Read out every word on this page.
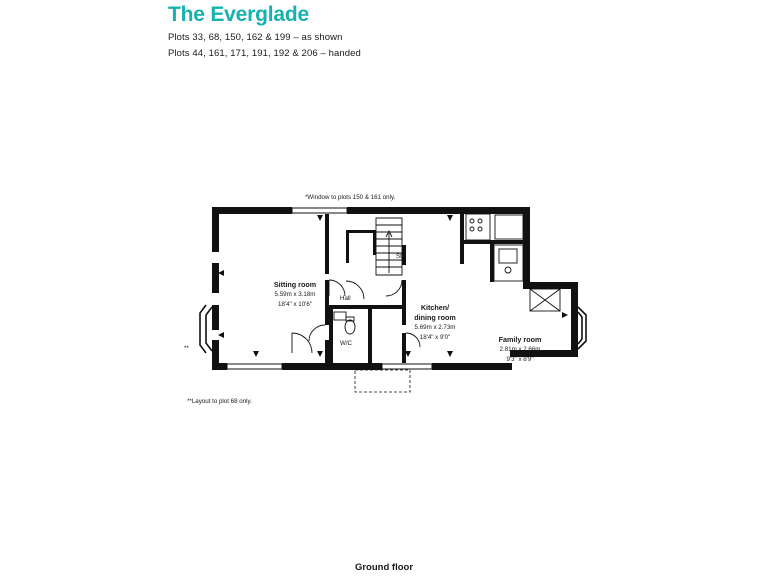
The Everglade
Plots 33, 68, 150, 162 & 199 – as shown
Plots 44, 161, 171, 191, 192 & 206 – handed
*Window to plots 150 & 161 only.
**Layout to plot 68 only.
**
Sitting room
5.59m x 3.18m
18'4" x 10'6"	Kitchen/
dining room
5.69m x 2.73m
18'4" x 9'0"	Family room
2.81m x 2.66m
9'3" x 8'9"
Hall
St
W/C
Ground floor
